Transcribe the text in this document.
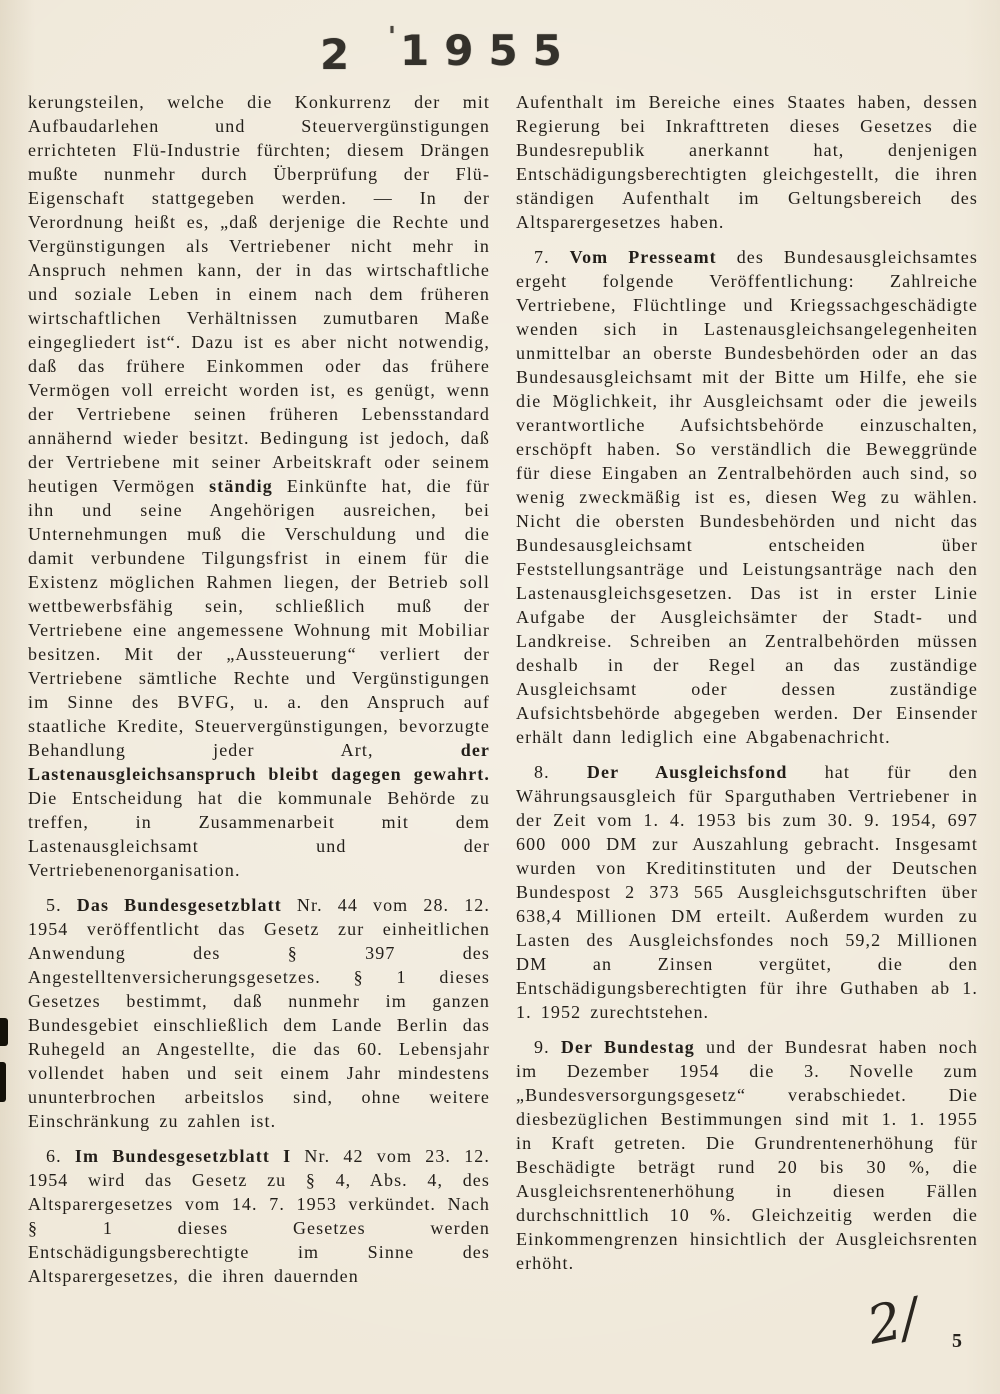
2 ' 1955

kerungsteilen, welche die Konkurrenz der mit Aufbaudarlehen und Steuervergünstigungen errichteten Flü-Industrie fürchten; diesem Drängen mußte nunmehr durch Überprüfung der Flü-Eigenschaft stattgegeben werden. — In der Verordnung heißt es, „daß derjenige die Rechte und Vergünstigungen als Vertriebener nicht mehr in Anspruch nehmen kann, der in das wirtschaftliche und soziale Leben in einem nach dem früheren wirtschaftlichen Verhältnissen zumutbaren Maße eingegliedert ist“. Dazu ist es aber nicht notwendig, daß das frühere Einkommen oder das frühere Vermögen voll erreicht worden ist, es genügt, wenn der Vertriebene seinen früheren Lebensstandard annähernd wieder besitzt. Bedingung ist jedoch, daß der Vertriebene mit seiner Arbeitskraft oder seinem heutigen Vermögen ständig Einkünfte hat, die für ihn und seine Angehörigen ausreichen, bei Unternehmungen muß die Verschuldung und die damit verbundene Tilgungsfrist in einem für die Existenz möglichen Rahmen liegen, der Betrieb soll wettbewerbsfähig sein, schließlich muß der Vertriebene eine angemessene Wohnung mit Mobiliar besitzen. Mit der „Aussteuerung“ verliert der Vertriebene sämtliche Rechte und Vergünstigungen im Sinne des BVFG, u. a. den Anspruch auf staatliche Kredite, Steuervergünstigungen, bevorzugte Behandlung jeder Art, der Lastenausgleichsanspruch bleibt dagegen gewahrt. Die Entscheidung hat die kommunale Behörde zu treffen, in Zusammenarbeit mit dem Lastenausgleichsamt und der Vertriebenenorganisation.

5. Das Bundesgesetzblatt Nr. 44 vom 28. 12. 1954 veröffentlicht das Gesetz zur einheitlichen Anwendung des § 397 des Angestelltenversicherungsgesetzes. § 1 dieses Gesetzes bestimmt, daß nunmehr im ganzen Bundesgebiet einschließlich dem Lande Berlin das Ruhegeld an Angestellte, die das 60. Lebensjahr vollendet haben und seit einem Jahr mindestens ununterbrochen arbeitslos sind, ohne weitere Einschränkung zu zahlen ist.

6. Im Bundesgesetzblatt I Nr. 42 vom 23. 12. 1954 wird das Gesetz zu § 4, Abs. 4, des Altsparergesetzes vom 14. 7. 1953 verkündet. Nach § 1 dieses Gesetzes werden Entschädigungsberechtigte im Sinne des Altsparergesetzes, die ihren dauernden

Aufenthalt im Bereiche eines Staates haben, dessen Regierung bei Inkrafttreten dieses Gesetzes die Bundesrepublik anerkannt hat, denjenigen Entschädigungsberechtigten gleichgestellt, die ihren ständigen Aufenthalt im Geltungsbereich des Altsparergesetzes haben.

7. Vom Presseamt des Bundesausgleichsamtes ergeht folgende Veröffentlichung: Zahlreiche Vertriebene, Flüchtlinge und Kriegssachgeschädigte wenden sich in Lastenausgleichsangelegenheiten unmittelbar an oberste Bundesbehörden oder an das Bundesausgleichsamt mit der Bitte um Hilfe, ehe sie die Möglichkeit, ihr Ausgleichsamt oder die jeweils verantwortliche Aufsichtsbehörde einzuschalten, erschöpft haben. So verständlich die Beweggründe für diese Eingaben an Zentralbehörden auch sind, so wenig zweckmäßig ist es, diesen Weg zu wählen. Nicht die obersten Bundesbehörden und nicht das Bundesausgleichsamt entscheiden über Feststellungsanträge und Leistungsanträge nach den Lastenausgleichsgesetzen. Das ist in erster Linie Aufgabe der Ausgleichsämter der Stadt- und Landkreise. Schreiben an Zentralbehörden müssen deshalb in der Regel an das zuständige Ausgleichsamt oder dessen zuständige Aufsichtsbehörde abgegeben werden. Der Einsender erhält dann lediglich eine Abgabenachricht.

8. Der Ausgleichsfond hat für den Währungsausgleich für Sparguthaben Vertriebener in der Zeit vom 1. 4. 1953 bis zum 30. 9. 1954, 697 600 000 DM zur Auszahlung gebracht. Insgesamt wurden von Kreditinstituten und der Deutschen Bundespost 2 373 565 Ausgleichsgutschriften über 638,4 Millionen DM erteilt. Außerdem wurden zu Lasten des Ausgleichsfondes noch 59,2 Millionen DM an Zinsen vergütet, die den Entschädigungsberechtigten für ihre Guthaben ab 1. 1. 1952 zurechtstehen.

9. Der Bundestag und der Bundesrat haben noch im Dezember 1954 die 3. Novelle zum „Bundesversorgungsgesetz“ verabschiedet. Die diesbezüglichen Bestimmungen sind mit 1. 1. 1955 in Kraft getreten. Die Grundrentenerhöhung für Beschädigte beträgt rund 20 bis 30 %, die Ausgleichsrentenerhöhung in diesen Fällen durchschnittlich 10 %. Gleichzeitig werden die Einkommengrenzen hinsichtlich der Ausgleichsrenten erhöht.

2/ 5
